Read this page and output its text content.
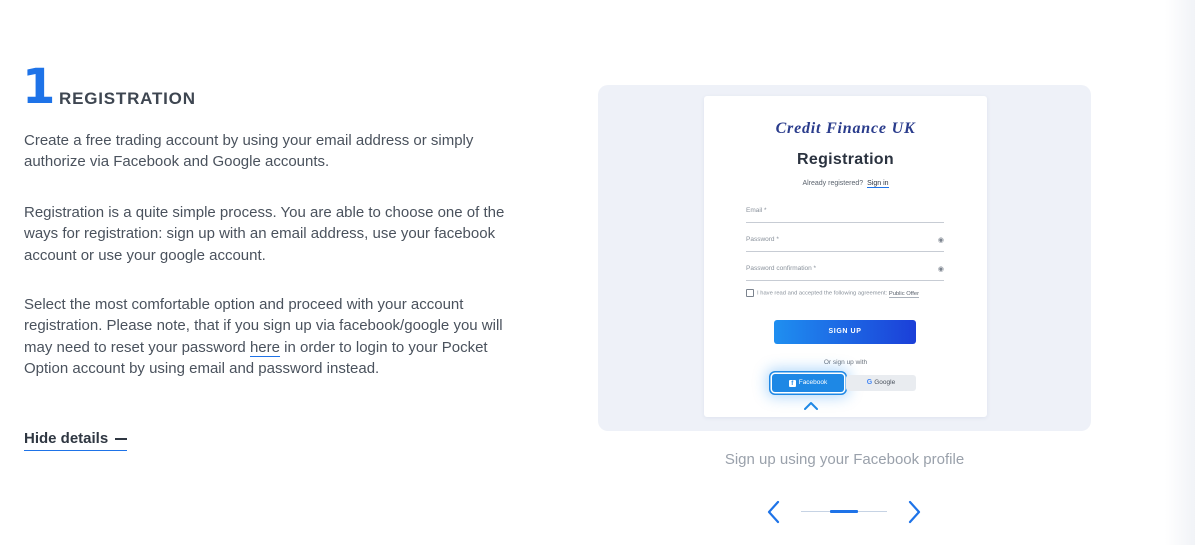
1 REGISTRATION
Create a free trading account by using your email address or simply authorize via Facebook and Google accounts.
Registration is a quite simple process. You are able to choose one of the ways for registration: sign up with an email address, use your facebook account or use your google account.
Select the most comfortable option and proceed with your account registration. Please note, that if you sign up via facebook/google you will may need to reset your password here in order to login to your Pocket Option account by using email and password instead.
Hide details
Credit Finance UK
Registration
Already registered? Sign in
Email *
Password *	◉
Password confirmation *	◉
I have read and accepted the following agreement: Public Offer
SIGN UP
Or sign up with
f Facebook	G Google
Sign up using your Facebook profile
